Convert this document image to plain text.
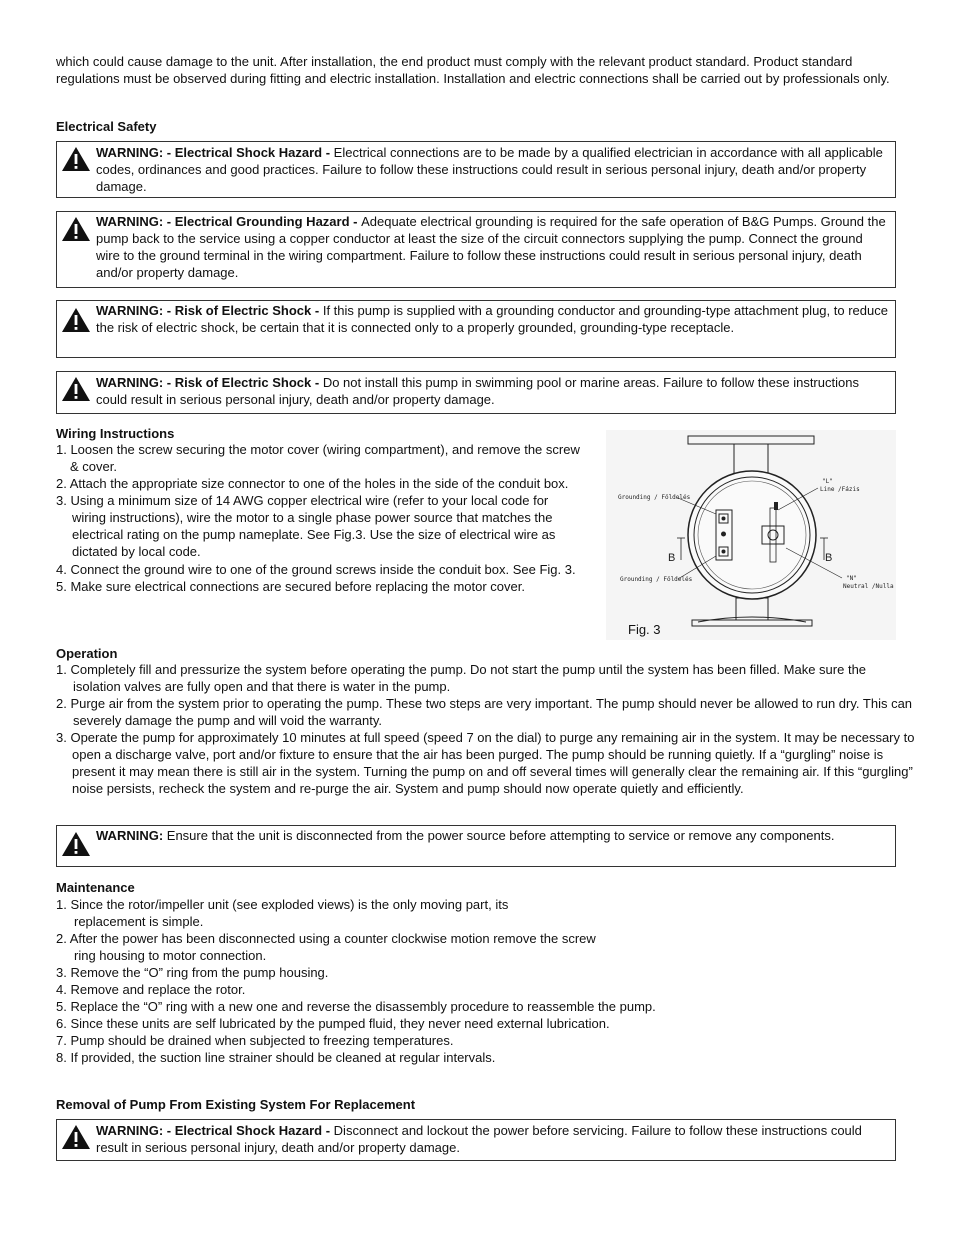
which could cause damage to the unit. After installation, the end product must comply with the relevant product standard. Product standard regulations must be observed during fitting and electric installation. Installation and electric connections shall be carried out by professionals only.
Electrical Safety
WARNING: - Electrical Shock Hazard - Electrical connections are to be made by a qualified electrician in accordance with all applicable codes, ordinances and good practices. Failure to follow these instructions could result in serious personal injury, death and/or property damage.
WARNING: - Electrical Grounding Hazard - Adequate electrical grounding is required for the safe operation of B&G Pumps. Ground the pump back to the service using a copper conductor at least the size of the circuit connectors supplying the pump. Connect the ground wire to the ground terminal in the wiring compartment. Failure to follow these instructions could result in serious personal injury, death and/or property damage.
WARNING: - Risk of Electric Shock - If this pump is supplied with a grounding conductor and grounding-type attachment plug, to reduce the risk of electric shock, be certain that it is connected only to a properly grounded, grounding-type receptacle.
WARNING: - Risk of Electric Shock - Do not install this pump in swimming pool or marine areas. Failure to follow these instructions could result in serious personal injury, death and/or property damage.
Wiring Instructions
1. Loosen the screw securing the motor cover (wiring compartment), and remove the screw & cover.
2. Attach the appropriate size connector to one of the holes in the side of the conduit box.
3. Using a minimum size of 14 AWG copper electrical wire (refer to your local code for wiring instructions), wire the motor to a single phase power source that matches the electrical rating on the pump nameplate. See Fig.3. Use the size of electrical wire as dictated by local code.
4. Connect the ground wire to one of the ground screws inside the conduit box. See Fig. 3.
5. Make sure electrical connections are secured before replacing the motor cover.
B	B
Grounding / Földelés
Grounding / Földelés
"L"
Line /Fázis
"N"
Neutral /Nulla
Fig. 3
Operation
1. Completely fill and pressurize the system before operating the pump. Do not start the pump until the system has been filled. Make sure the isolation valves are fully open and that there is water in the pump.
2. Purge air from the system prior to operating the pump. These two steps are very important. The pump should never be allowed to run dry. This can severely damage the pump and will void the warranty.
3. Operate the pump for approximately 10 minutes at full speed (speed 7 on the dial) to purge any remaining air in the system. It may be necessary to open a discharge valve, port and/or fixture to ensure that the air has been purged. The pump should be running quietly. If a “gurgling” noise is present it may mean there is still air in the system. Turning the pump on and off several times will generally clear the remaining air. If this “gurgling” noise persists, recheck the system and re-purge the air. System and pump should now operate quietly and efficiently.
WARNING: Ensure that the unit is disconnected from the power source before attempting to service or remove any components.
Maintenance
1. Since the rotor/impeller unit (see exploded views) is the only moving part, its replacement is simple.
2. After the power has been disconnected using a counter clockwise motion remove the screw ring housing to motor connection.
3. Remove the “O” ring from the pump housing.
4. Remove and replace the rotor.
5. Replace the “O” ring with a new one and reverse the disassembly procedure to reassemble the pump.
6. Since these units are self lubricated by the pumped fluid, they never need external lubrication.
7. Pump should be drained when subjected to freezing temperatures.
8. If provided, the suction line strainer should be cleaned at regular intervals.
Removal of Pump From Existing System For Replacement
WARNING: - Electrical Shock Hazard - Disconnect and lockout the power before servicing. Failure to follow these instructions could result in serious personal injury, death and/or property damage.
